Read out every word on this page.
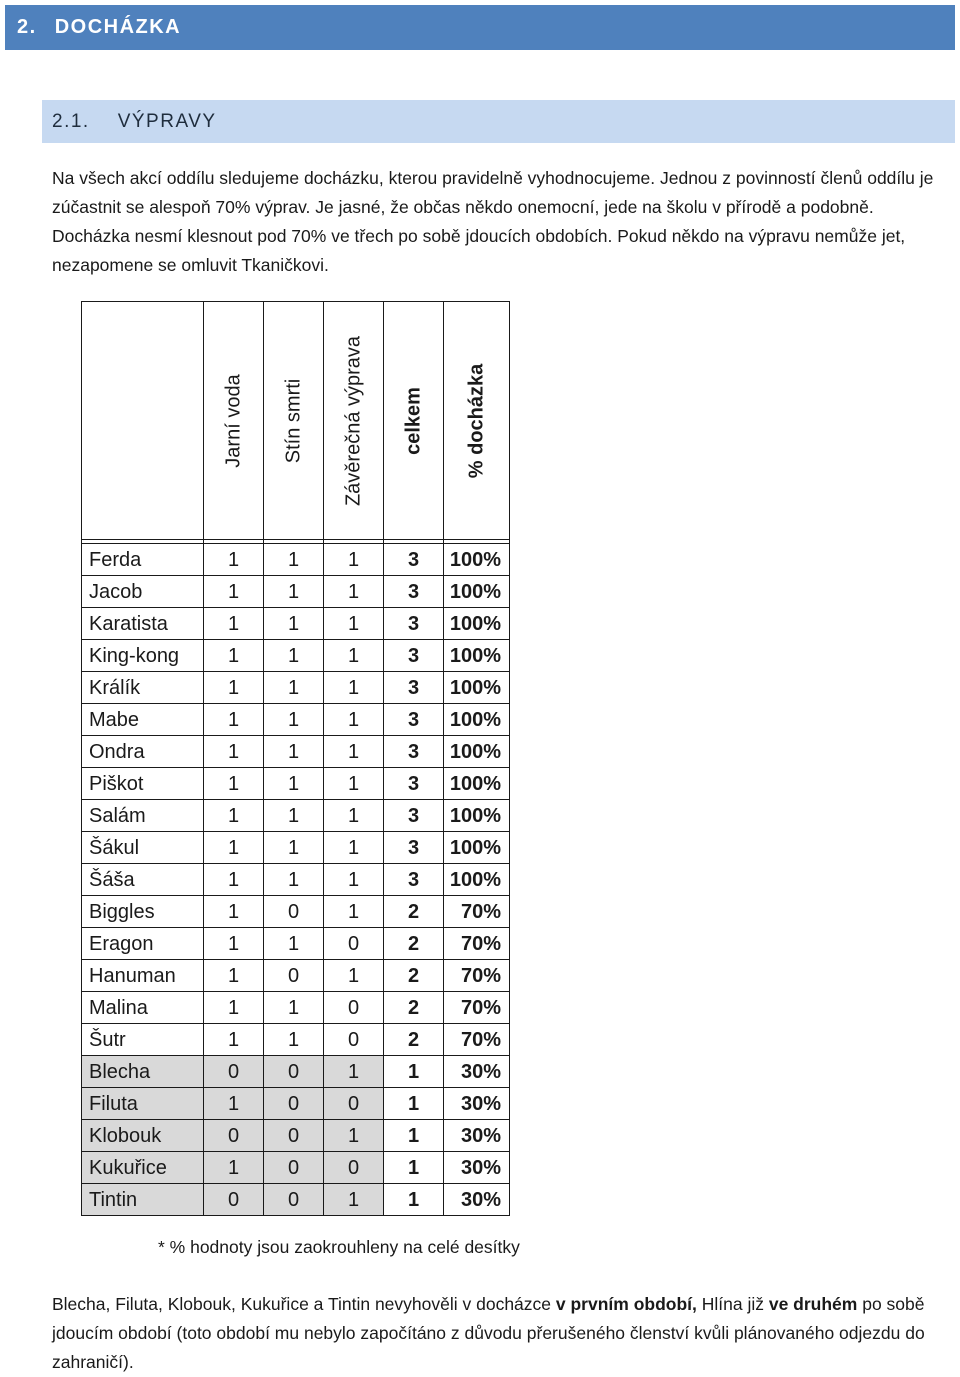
2. DOCHÁZKA
2.1. VÝPRAVY

Na všech akcí oddílu sledujeme docházku, kterou pravidelně vyhodnocujeme. Jednou z povinností členů oddílu je zúčastnit se alespoň 70% výprav. Je jasné, že občas někdo onemocní, jede na školu v přírodě a podobně. Docházka nesmí klesnout pod 70% ve třech po sobě jdoucích obdobích. Pokud někdo na výpravu nemůže jet, nezapomene se omluvit Tkaničkovi.

	Jarní voda	Stín smrti	Závěrečná výprava	celkem	% docházka

Ferda	1	1	1	3	100%
Jacob	1	1	1	3	100%
Karatista	1	1	1	3	100%
King-kong	1	1	1	3	100%
Králík	1	1	1	3	100%
Mabe	1	1	1	3	100%
Ondra	1	1	1	3	100%
Piškot	1	1	1	3	100%
Salám	1	1	1	3	100%
Šákul	1	1	1	3	100%
Šáša	1	1	1	3	100%
Biggles	1	0	1	2	70%
Eragon	1	1	0	2	70%
Hanuman	1	0	1	2	70%
Malina	1	1	0	2	70%
Šutr	1	1	0	2	70%
Blecha	0	0	1	1	30%
Filuta	1	0	0	1	30%
Klobouk	0	0	1	1	30%
Kukuřice	1	0	0	1	30%
Tintin	0	0	1	1	30%
* % hodnoty jsou zaokrouhleny na celé desítky

Blecha, Filuta, Klobouk, Kukuřice a Tintin nevyhověli v docházce v prvním období, Hlína již ve druhém po sobě jdoucím období (toto období mu nebylo započítáno z důvodu přerušeného členství kvůli plánovaného odjezdu do zahraničí).
